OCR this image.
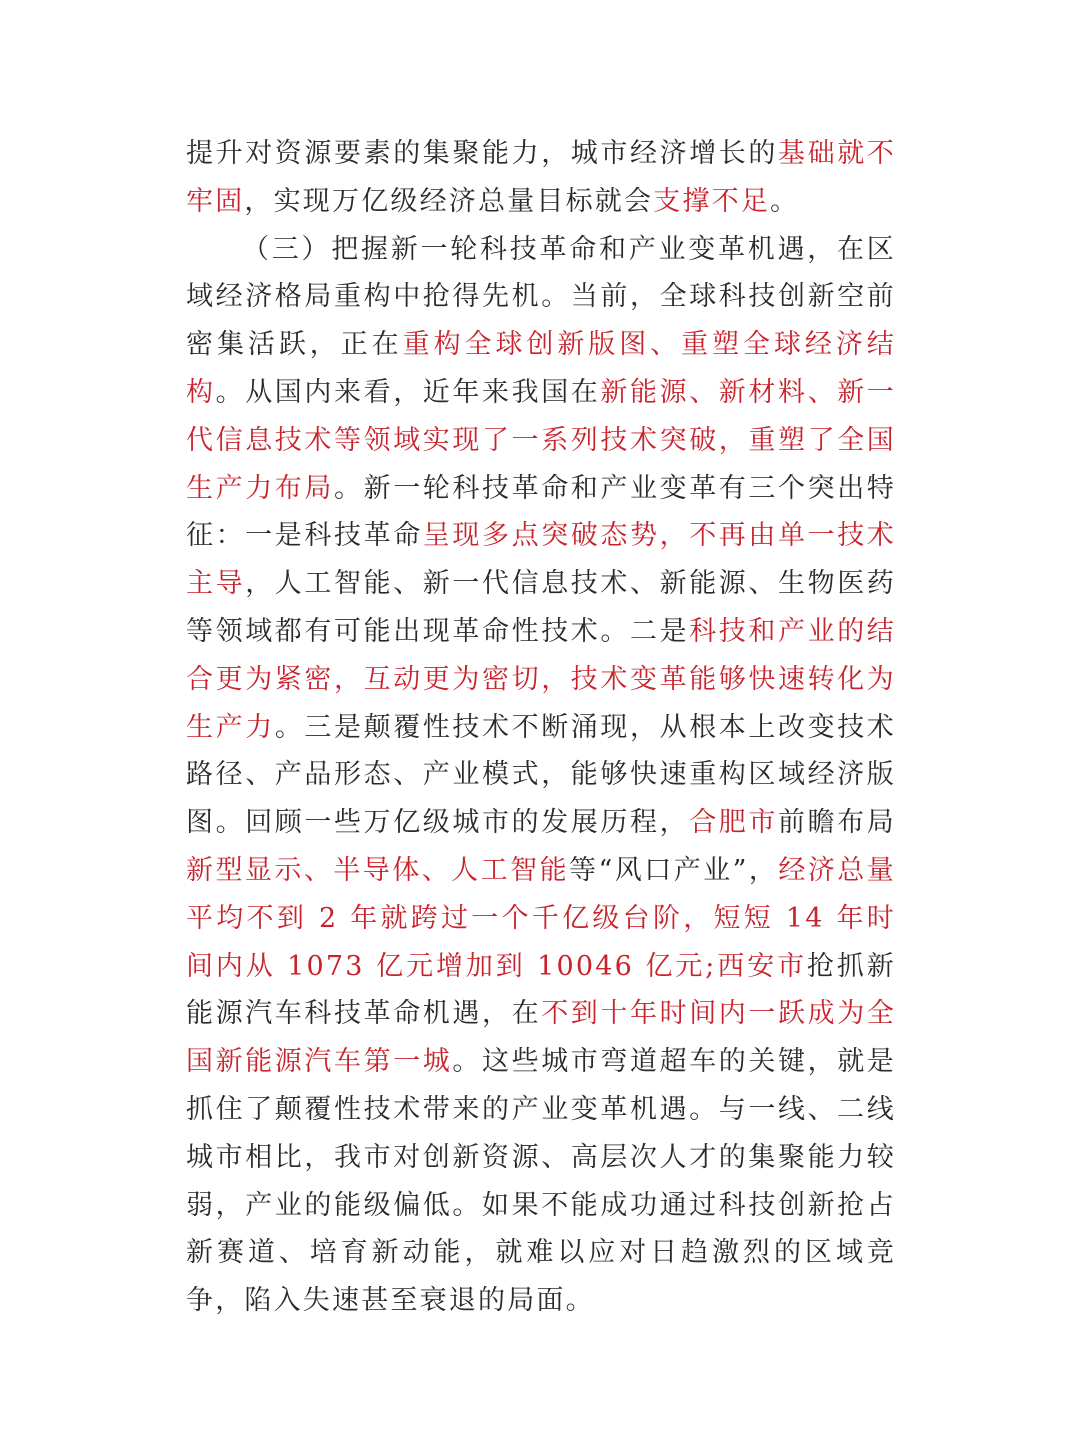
提升对资源要素的集聚能力，城市经济增长的基础就不牢固，实现万亿级经济总量目标就会支撑不足。

（三）把握新一轮科技革命和产业变革机遇，在区域经济格局重构中抢得先机。当前，全球科技创新空前密集活跃，正在重构全球创新版图、重塑全球经济结构。从国内来看，近年来我国在新能源、新材料、新一代信息技术等领域实现了一系列技术突破，重塑了全国生产力布局。新一轮科技革命和产业变革有三个突出特征：一是科技革命呈现多点突破态势，不再由单一技术主导，人工智能、新一代信息技术、新能源、生物医药等领域都有可能出现革命性技术。二是科技和产业的结合更为紧密，互动更为密切，技术变革能够快速转化为生产力。三是颠覆性技术不断涌现，从根本上改变技术路径、产品形态、产业模式，能够快速重构区域经济版图。回顾一些万亿级城市的发展历程，合肥市前瞻布局新型显示、半导体、人工智能等“风口产业”，经济总量平均不到 2 年就跨过一个千亿级台阶，短短 14 年时间内从 1073 亿元增加到 10046 亿元;西安市抢抓新能源汽车科技革命机遇，在不到十年时间内一跃成为全国新能源汽车第一城。这些城市弯道超车的关键，就是抓住了颠覆性技术带来的产业变革机遇。与一线、二线城市相比，我市对创新资源、高层次人才的集聚能力较弱，产业的能级偏低。如果不能成功通过科技创新抢占新赛道、培育新动能，就难以应对日趋激烈的区域竞争，陷入失速甚至衰退的局面。
